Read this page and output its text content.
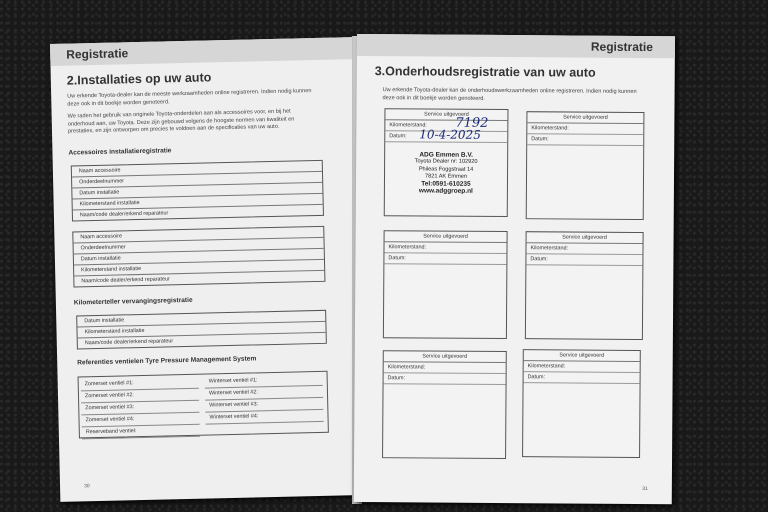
Registratie
2.Installaties op uw auto
Uw erkende Toyota-dealer kan de meeste werkzaamheden online registreren. Indien nodig kunnen deze ook in dit boekje worden genoteerd.
We raden het gebruik van originele Toyota-onderdelen aan als accessoires voor, en bij het onderhoud aan, uw Toyota. Deze zijn gebouwd volgens de hoogste normen van kwaliteit en prestaties, en zijn ontworpen om precies te voldoen aan de specificaties van uw auto.
Accessoires installatieregistratie
Naam accessoire
Onderdeelnummer
Datum installatie
Kilometerstand installatie
Naam/code dealer/erkend reparateur
Naam accessoire
Onderdeelnummer
Datum installatie
Kilometerstand installatie
Naam/code dealer/erkend reparateur
Kilometerteller vervangingsregistratie
Datum installatie
Kilometerstand installatie
Naam/code dealer/erkend reparateur
Referenties ventielen Tyre Pressure Management System
Zomerset ventiel #1:
Zomerset ventiel #2:
Zomerset ventiel #3:
Zomerset ventiel #4:
Reserveband ventiel:
Winterset ventiel #1:
Winterset ventiel #2:
Winterset ventiel #3:
Winterset ventiel #4:
30
Registratie
3.Onderhoudsregistratie van uw auto
Uw erkende Toyota-dealer kan de onderhoudswerkzaamheden online registreren. Indien nodig kunnen deze ook in dit boekje worden genoteerd.
Service uitgevoerd
Kilometerstand:
Datum:
7192
10-4-2025
ADG Emmen B.V.
Toyota Dealer nr: 102920
Phileas Foggstraat 14
7821 AK Emmen
Tel:0591-610235
www.adggroep.nl
Service uitgevoerd
Kilometerstand:
Datum:
Service uitgevoerd
Kilometerstand:
Datum:
Service uitgevoerd
Kilometerstand:
Datum:
Service uitgevoerd
Kilometerstand:
Datum:
Service uitgevoerd
Kilometerstand:
Datum:
31
